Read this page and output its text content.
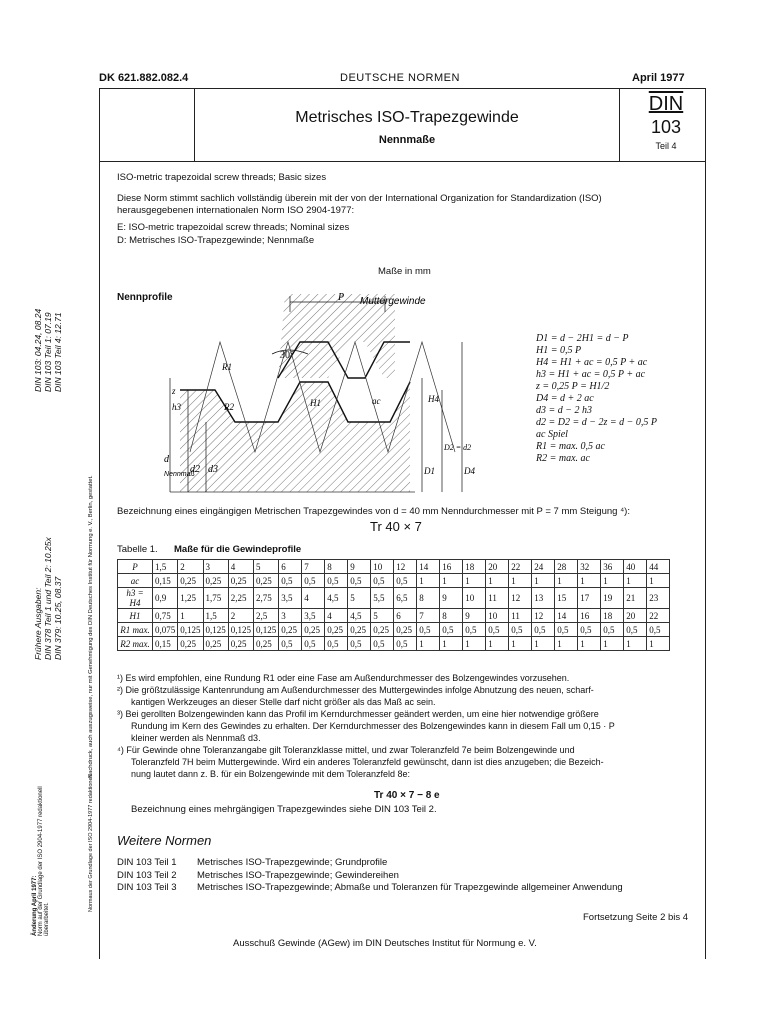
DK 621.882.082.4	DEUTSCHE NORMEN	April 1977
Metrisches ISO-Trapezgewinde
Nennmaße
DIN
103
Teil 4
ISO-metric trapezoidal screw threads; Basic sizes
Diese Norm stimmt sachlich vollständig überein mit der von der International Organization for Standardization (ISO)
herausgegebenen internationalen Norm ISO 2904-1977:
E: ISO-metric trapezoidal screw threads; Nominal sizes
D: Metrisches ISO-Trapezgewinde; Nennmaße
Maße in mm
Nennprofile	P Muttergewinde
30°
z
h3
R1
R2
d
Nennmaß
d2 d3
H1	ac	H4
D1
D2 = d2
D4
D1 = d − 2H1 = d − P
H1 = 0,5 P
H4 = H1 + ac = 0,5 P + ac
h3 = H1 + ac = 0,5 P + ac
z = 0,25 P = H1/2
D4 = d + 2 ac
d3 = d − 2 h3
d2 = D2 = d − 2z = d − 0,5 P
ac Spiel
R1 = max. 0,5 ac
R2 = max. ac
Bezeichnung eines eingängigen Metrischen Trapezgewindes von d = 40 mm Nenndurchmesser mit P = 7 mm Steigung ⁴):
Tr 40 × 7
Tabelle 1. Maße für die Gewindeprofile
P	1,5	2	3	4	5	6	7	8	9	10	12	14	16	18	20	22	24	28	32	36	40	44
ac	0,15	0,25	0,25	0,25	0,25	0,5	0,5	0,5	0,5	0,5	0,5	1	1	1	1	1	1	1	1	1	1	1
h3 = H4	0,9	1,25	1,75	2,25	2,75	3,5	4	4,5	5	5,5	6,5	8	9	10	11	12	13	15	17	19	21	23
H1	0,75	1	1,5	2	2,5	3	3,5	4	4,5	5	6	7	8	9	10	11	12	14	16	18	20	22
R1 max.	0,075	0,125	0,125	0,125	0,125	0,25	0,25	0,25	0,25	0,25	0,25	0,5	0,5	0,5	0,5	0,5	0,5	0,5	0,5	0,5	0,5	0,5
R2 max.	0,15	0,25	0,25	0,25	0,25	0,5	0,5	0,5	0,5	0,5	0,5	1	1	1	1	1	1	1	1	1	1	1
¹) Es wird empfohlen, eine Rundung R1 oder eine Fase am Außendurchmesser des Bolzengewindes vorzusehen.
²) Die größtzulässige Kantenrundung am Außendurchmesser des Muttergewindes infolge Abnutzung des neuen, scharf-
kantigen Werkzeuges an dieser Stelle darf nicht größer als das Maß ac sein.
³) Bei gerollten Bolzengewinden kann das Profil im Kerndurchmesser geändert werden, um eine hier notwendige größere
Rundung im Kern des Gewindes zu erhalten. Der Kerndurchmesser des Bolzengewindes kann in diesem Fall um 0,15 · P
kleiner werden als Nennmaß d3.
⁴) Für Gewinde ohne Toleranzangabe gilt Toleranzklasse mittel, und zwar Toleranzfeld 7e beim Bolzengewinde und
Toleranzfeld 7H beim Muttergewinde. Wird ein anderes Toleranzfeld gewünscht, dann ist dies anzugeben; die Bezeich-
nung lautet dann z. B. für ein Bolzengewinde mit dem Toleranzfeld 8e:
Tr 40 × 7 − 8 e
Bezeichnung eines mehrgängigen Trapezgewindes siehe DIN 103 Teil 2.
Weitere Normen
DIN 103 Teil 1 Metrisches ISO-Trapezgewinde; Grundprofile
DIN 103 Teil 2 Metrisches ISO-Trapezgewinde; Gewindereihen
DIN 103 Teil 3 Metrisches ISO-Trapezgewinde; Abmaße und Toleranzen für Trapezgewinde allgemeiner Anwendung
Fortsetzung Seite 2 bis 4
Ausschuß Gewinde (AGew) im DIN Deutsches Institut für Normung e. V.
DIN 103: 04.24, 08.24 DIN 103 Teil 1: 07.19 DIN 103 Teil 4: 12.71
Nachdruck, auch auszugsweise, nur mit Genehmigung des DIN Deutsches Institut für Normung e. V., Berlin, gestattet.
Frühere Ausgaben: DIN 378 Teil 1 und Teil 2: 10.25x DIN 379: 10.25, 08.37
Normaus der Grundlage der ISO 2904-1977 redaktionell
Änderung April 1977: Norm auf der Grundlage der ISO 2904-1977 redaktionell überarbeitet.
